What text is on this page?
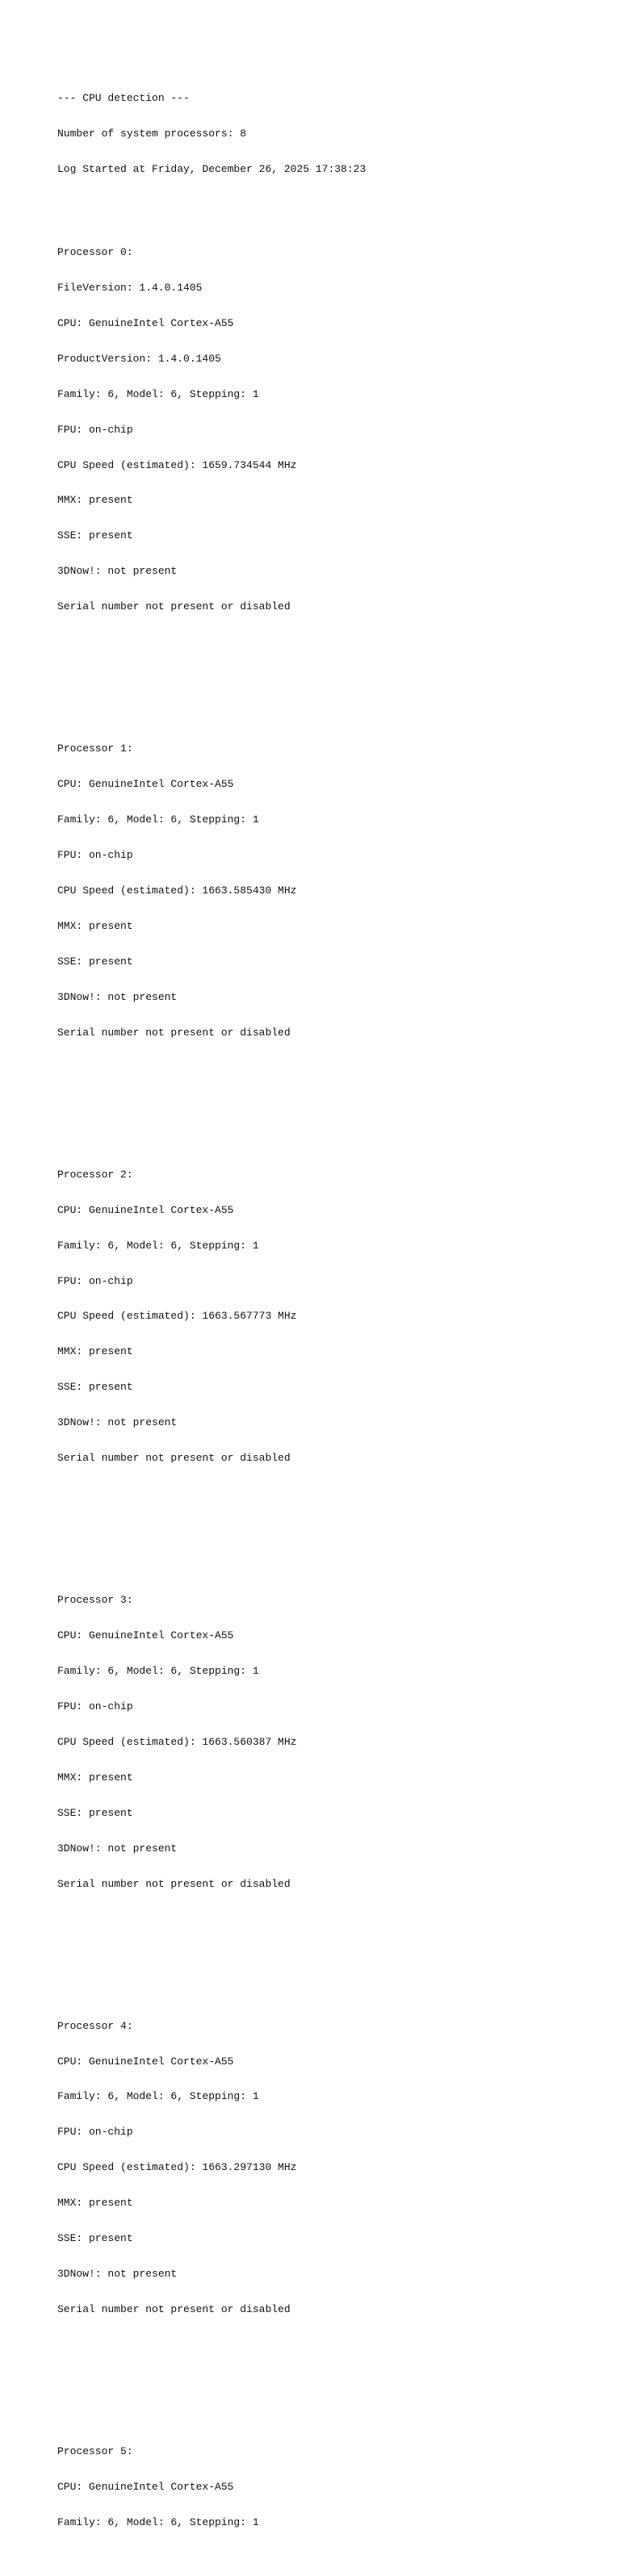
--- CPU detection ---

Number of system processors: 8

Log Started at Friday, December 26, 2025 17:38:23

Processor 0:

FileVersion: 1.4.0.1405

CPU: GenuineIntel Cortex-A55

ProductVersion: 1.4.0.1405

Family: 6, Model: 6, Stepping: 1

FPU: on-chip

CPU Speed (estimated): 1659.734544 MHz

MMX: present

SSE: present

3DNow!: not present

Serial number not present or disabled

Processor 1:

CPU: GenuineIntel Cortex-A55

Family: 6, Model: 6, Stepping: 1

FPU: on-chip

CPU Speed (estimated): 1663.585430 MHz

MMX: present

SSE: present

3DNow!: not present

Serial number not present or disabled

Processor 2:

CPU: GenuineIntel Cortex-A55

Family: 6, Model: 6, Stepping: 1

FPU: on-chip

CPU Speed (estimated): 1663.567773 MHz

MMX: present

SSE: present

3DNow!: not present

Serial number not present or disabled

Processor 3:

CPU: GenuineIntel Cortex-A55

Family: 6, Model: 6, Stepping: 1

FPU: on-chip

CPU Speed (estimated): 1663.560387 MHz

MMX: present

SSE: present

3DNow!: not present

Serial number not present or disabled

Processor 4:

CPU: GenuineIntel Cortex-A55

Family: 6, Model: 6, Stepping: 1

FPU: on-chip

CPU Speed (estimated): 1663.297130 MHz

MMX: present

SSE: present

3DNow!: not present

Serial number not present or disabled

Processor 5:

CPU: GenuineIntel Cortex-A55

Family: 6, Model: 6, Stepping: 1
